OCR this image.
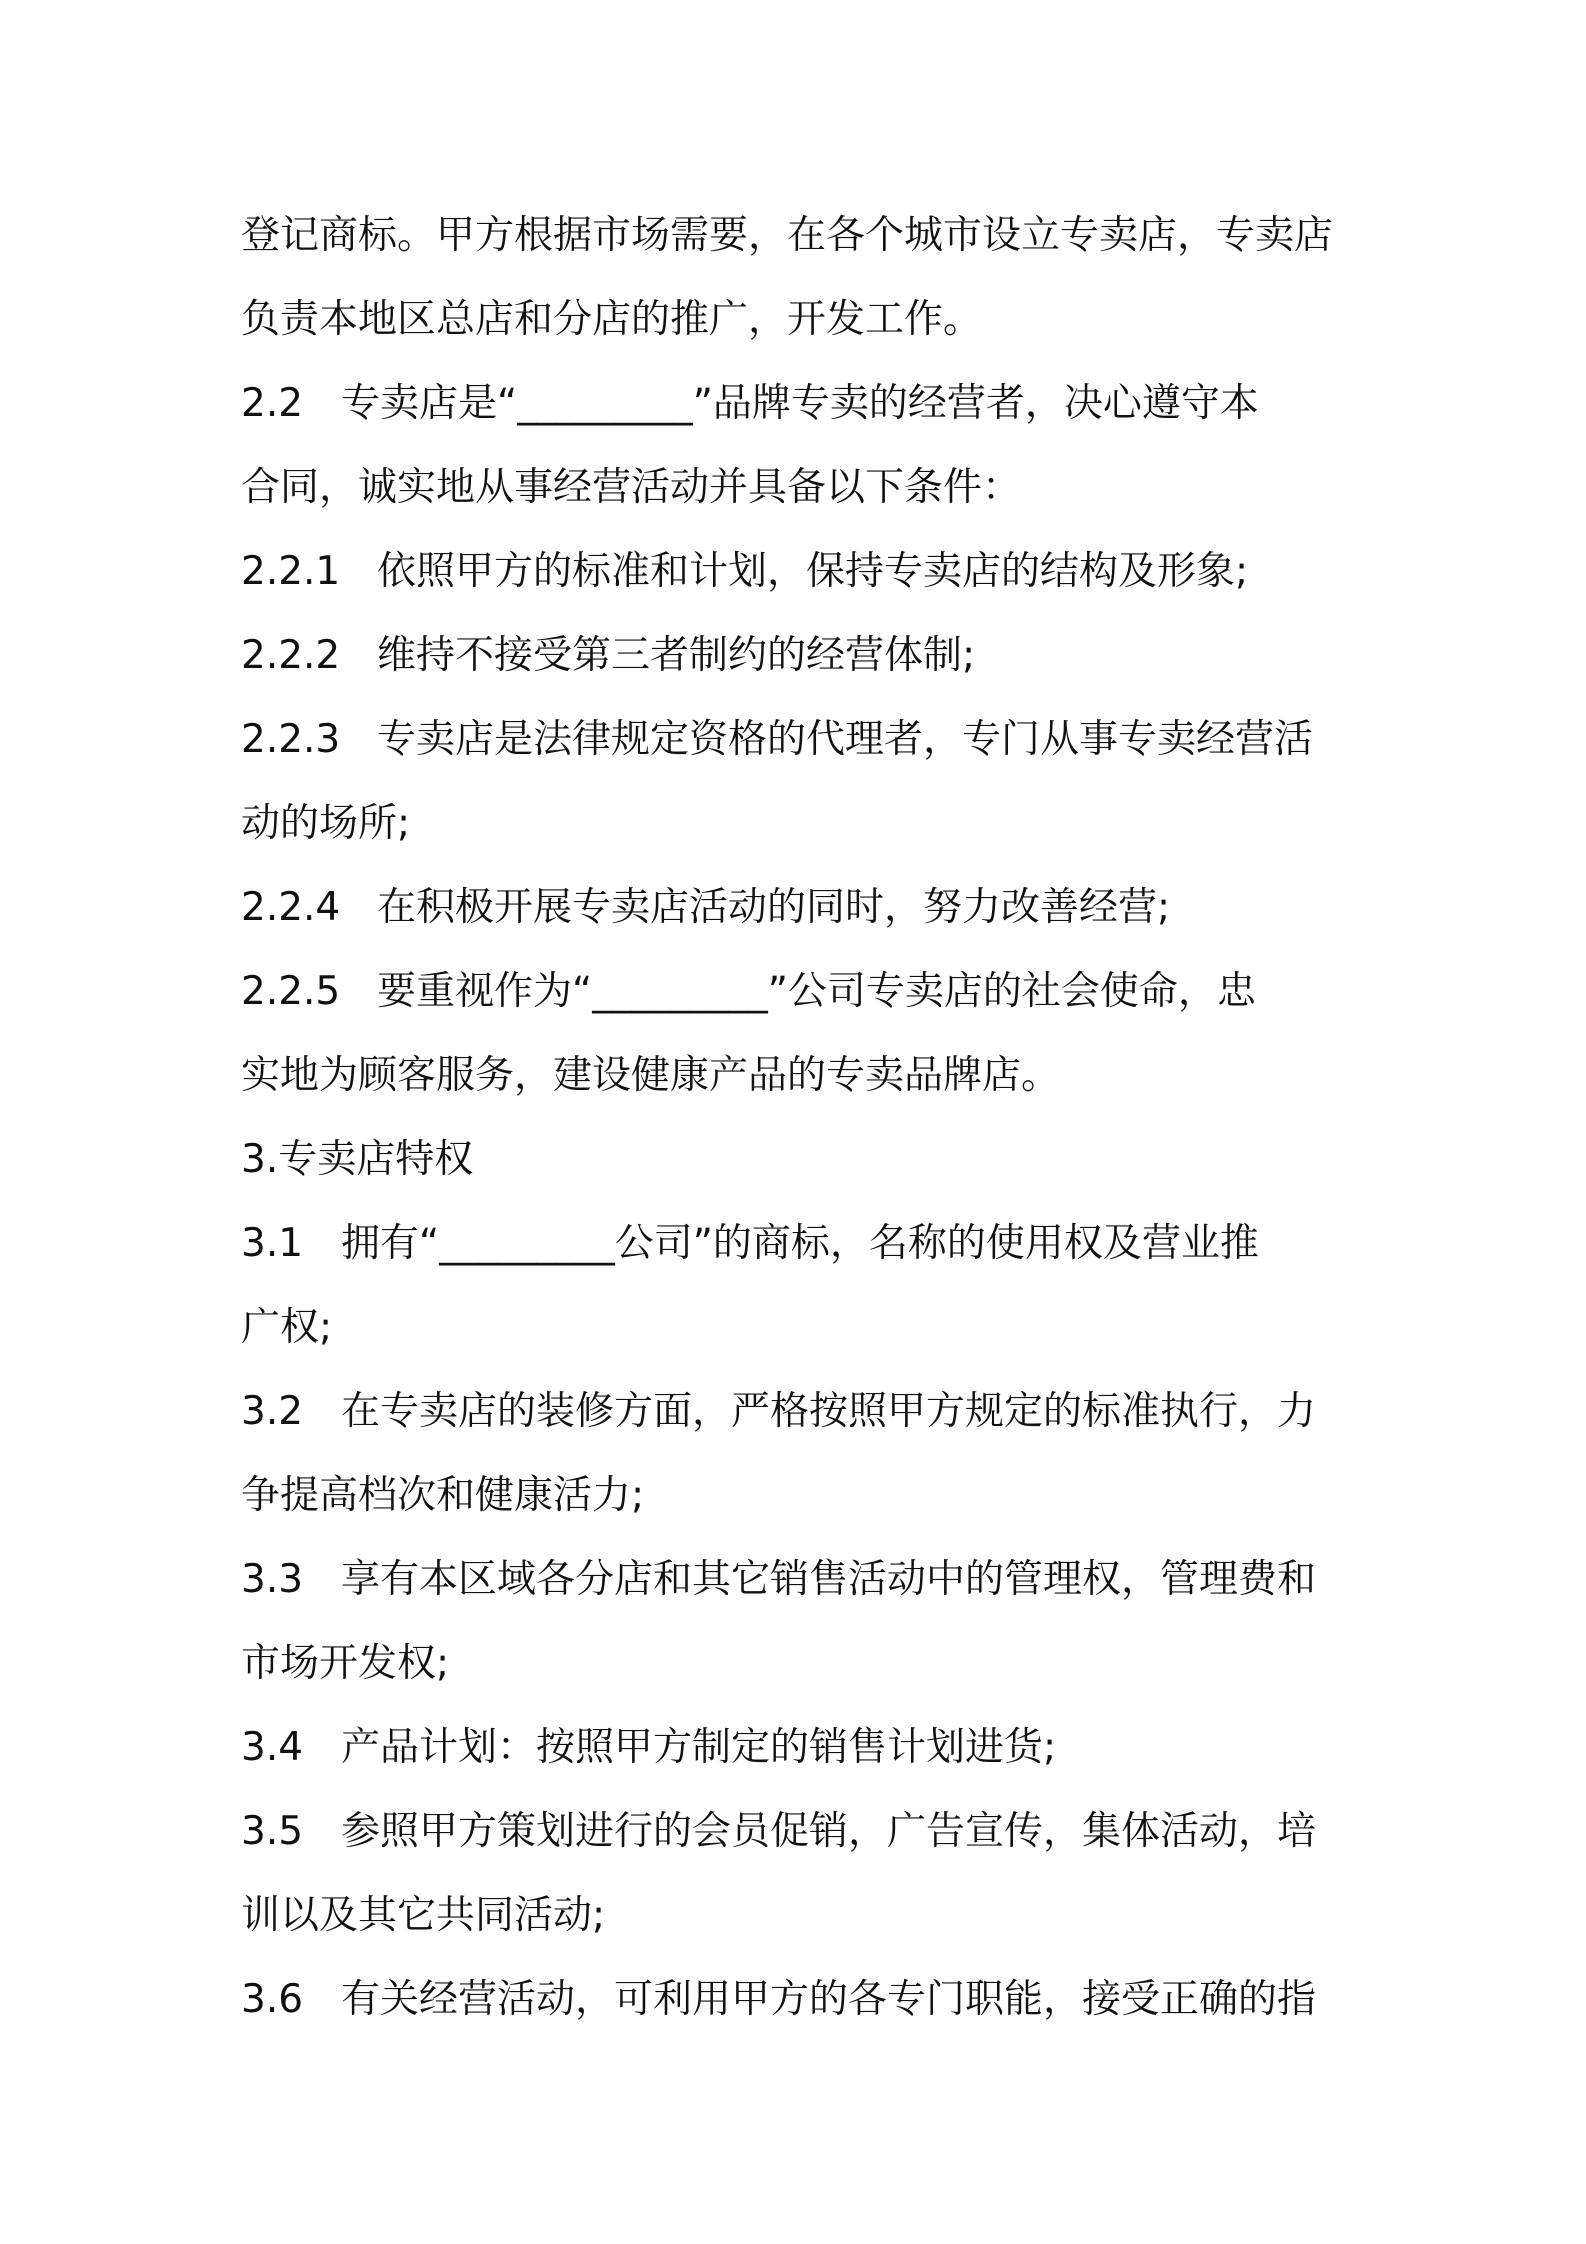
登记商标。甲方根据市场需要，在各个城市设立专卖店，专卖店
负责本地区总店和分店的推广，开发工作。
2.2 专卖店是“_________”品牌专卖的经营者，决心遵守本
合同，诚实地从事经营活动并具备以下条件：
2.2.1 依照甲方的标准和计划，保持专卖店的结构及形象;
2.2.2 维持不接受第三者制约的经营体制;
2.2.3 专卖店是法律规定资格的代理者，专门从事专卖经营活
动的场所;
2.2.4 在积极开展专卖店活动的同时，努力改善经营;
2.2.5 要重视作为“_________”公司专卖店的社会使命，忠
实地为顾客服务，建设健康产品的专卖品牌店。
3.专卖店特权
3.1 拥有“_________公司”的商标，名称的使用权及营业推
广权;
3.2 在专卖店的装修方面，严格按照甲方规定的标准执行，力
争提高档次和健康活力;
3.3 享有本区域各分店和其它销售活动中的管理权，管理费和
市场开发权;
3.4 产品计划：按照甲方制定的销售计划进货;
3.5 参照甲方策划进行的会员促销，广告宣传，集体活动，培
训以及其它共同活动;
3.6 有关经营活动，可利用甲方的各专门职能，接受正确的指
